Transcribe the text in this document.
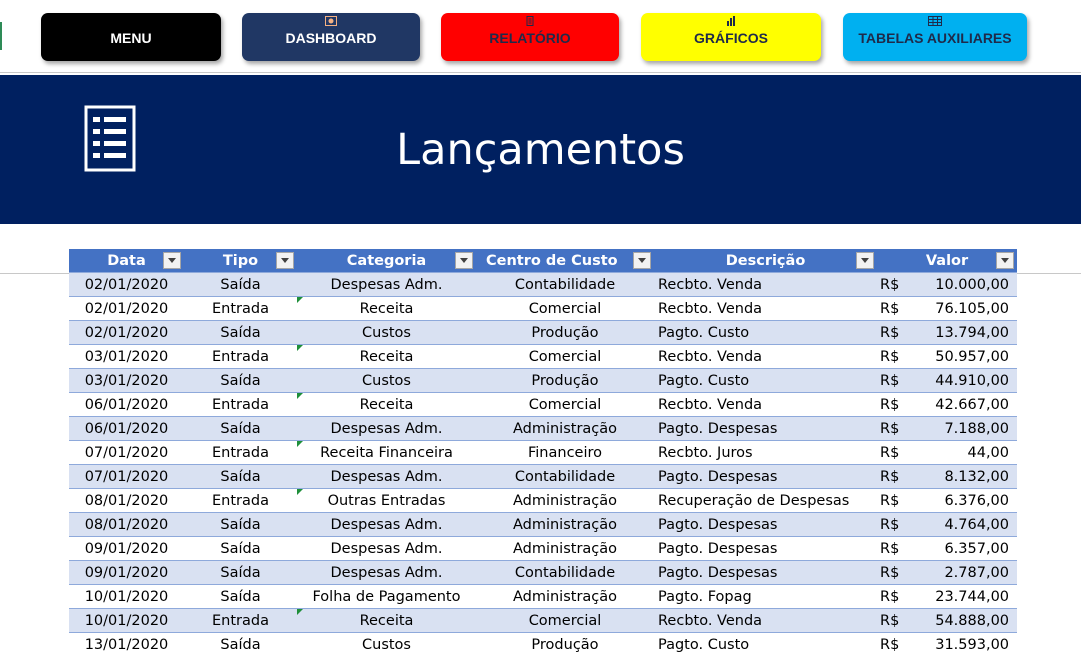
MENU	DASHBOARD	RELATÓRIO	GRÁFICOS	TABELAS AUXILIARES
Lançamentos
Data	Tipo	Categoria	Centro de Custo	Descrição	Valor	

02/01/2020	Saída	Despesas Adm.	Contabilidade	Recbto. Venda	R$	10.000,00
02/01/2020	Entrada	Receita	Comercial	Recbto. Venda	R$	76.105,00
02/01/2020	Saída	Custos	Produção	Pagto. Custo	R$	13.794,00
03/01/2020	Entrada	Receita	Comercial	Recbto. Venda	R$	50.957,00
03/01/2020	Saída	Custos	Produção	Pagto. Custo	R$	44.910,00
06/01/2020	Entrada	Receita	Comercial	Recbto. Venda	R$	42.667,00
06/01/2020	Saída	Despesas Adm.	Administração	Pagto. Despesas	R$	7.188,00
07/01/2020	Entrada	Receita Financeira	Financeiro	Recbto. Juros	R$	44,00
07/01/2020	Saída	Despesas Adm.	Contabilidade	Pagto. Despesas	R$	8.132,00
08/01/2020	Entrada	Outras Entradas	Administração	Recuperação de Despesas	R$	6.376,00
08/01/2020	Saída	Despesas Adm.	Administração	Pagto. Despesas	R$	4.764,00
09/01/2020	Saída	Despesas Adm.	Administração	Pagto. Despesas	R$	6.357,00
09/01/2020	Saída	Despesas Adm.	Contabilidade	Pagto. Despesas	R$	2.787,00
10/01/2020	Saída	Folha de Pagamento	Administração	Pagto. Fopag	R$	23.744,00
10/01/2020	Entrada	Receita	Comercial	Recbto. Venda	R$	54.888,00
13/01/2020	Saída	Custos	Produção	Pagto. Custo	R$	31.593,00
